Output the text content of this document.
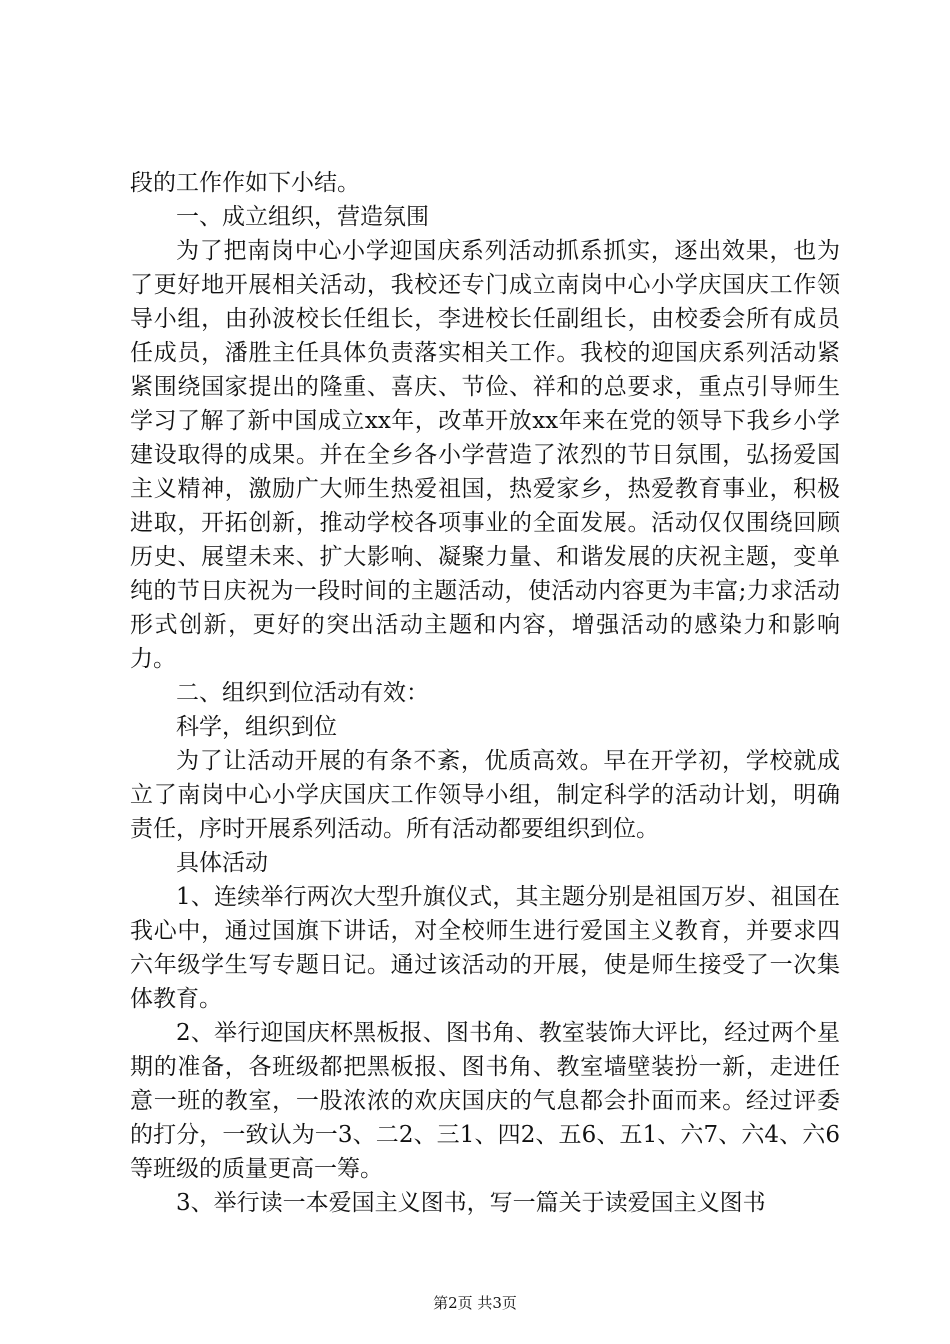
段的工作作如下小结。

一、成立组织，营造氛围

为了把南岗中心小学迎国庆系列活动抓系抓实，逐出效果，也为了更好地开展相关活动，我校还专门成立南岗中心小学庆国庆工作领导小组，由孙波校长任组长，李进校长任副组长，由校委会所有成员任成员，潘胜主任具体负责落实相关工作。我校的迎国庆系列活动紧紧围绕国家提出的隆重、喜庆、节俭、祥和的总要求，重点引导师生学习了解了新中国成立xx年，改革开放xx年来在党的领导下我乡小学建设取得的成果。并在全乡各小学营造了浓烈的节日氛围，弘扬爱国主义精神，激励广大师生热爱祖国，热爱家乡，热爱教育事业，积极进取，开拓创新，推动学校各项事业的全面发展。活动仅仅围绕回顾历史、展望未来、扩大影响、凝聚力量、和谐发展的庆祝主题，变单纯的节日庆祝为一段时间的主题活动，使活动内容更为丰富;力求活动形式创新，更好的突出活动主题和内容，增强活动的感染力和影响力。

二、组织到位活动有效：

科学，组织到位

为了让活动开展的有条不紊，优质高效。早在开学初，学校就成立了南岗中心小学庆国庆工作领导小组，制定科学的活动计划，明确责任，序时开展系列活动。所有活动都要组织到位。

具体活动

1、连续举行两次大型升旗仪式，其主题分别是祖国万岁、祖国在我心中，通过国旗下讲话，对全校师生进行爱国主义教育，并要求四六年级学生写专题日记。通过该活动的开展，使是师生接受了一次集体教育。

2、举行迎国庆杯黑板报、图书角、教室装饰大评比，经过两个星期的准备，各班级都把黑板报、图书角、教室墙壁装扮一新，走进任意一班的教室，一股浓浓的欢庆国庆的气息都会扑面而来。经过评委的打分，一致认为一3、二2、三1、四2、五6、五1、六7、六4、六6等班级的质量更高一筹。

3、举行读一本爱国主义图书，写一篇关于读爱国主义图书

第2页 共3页
